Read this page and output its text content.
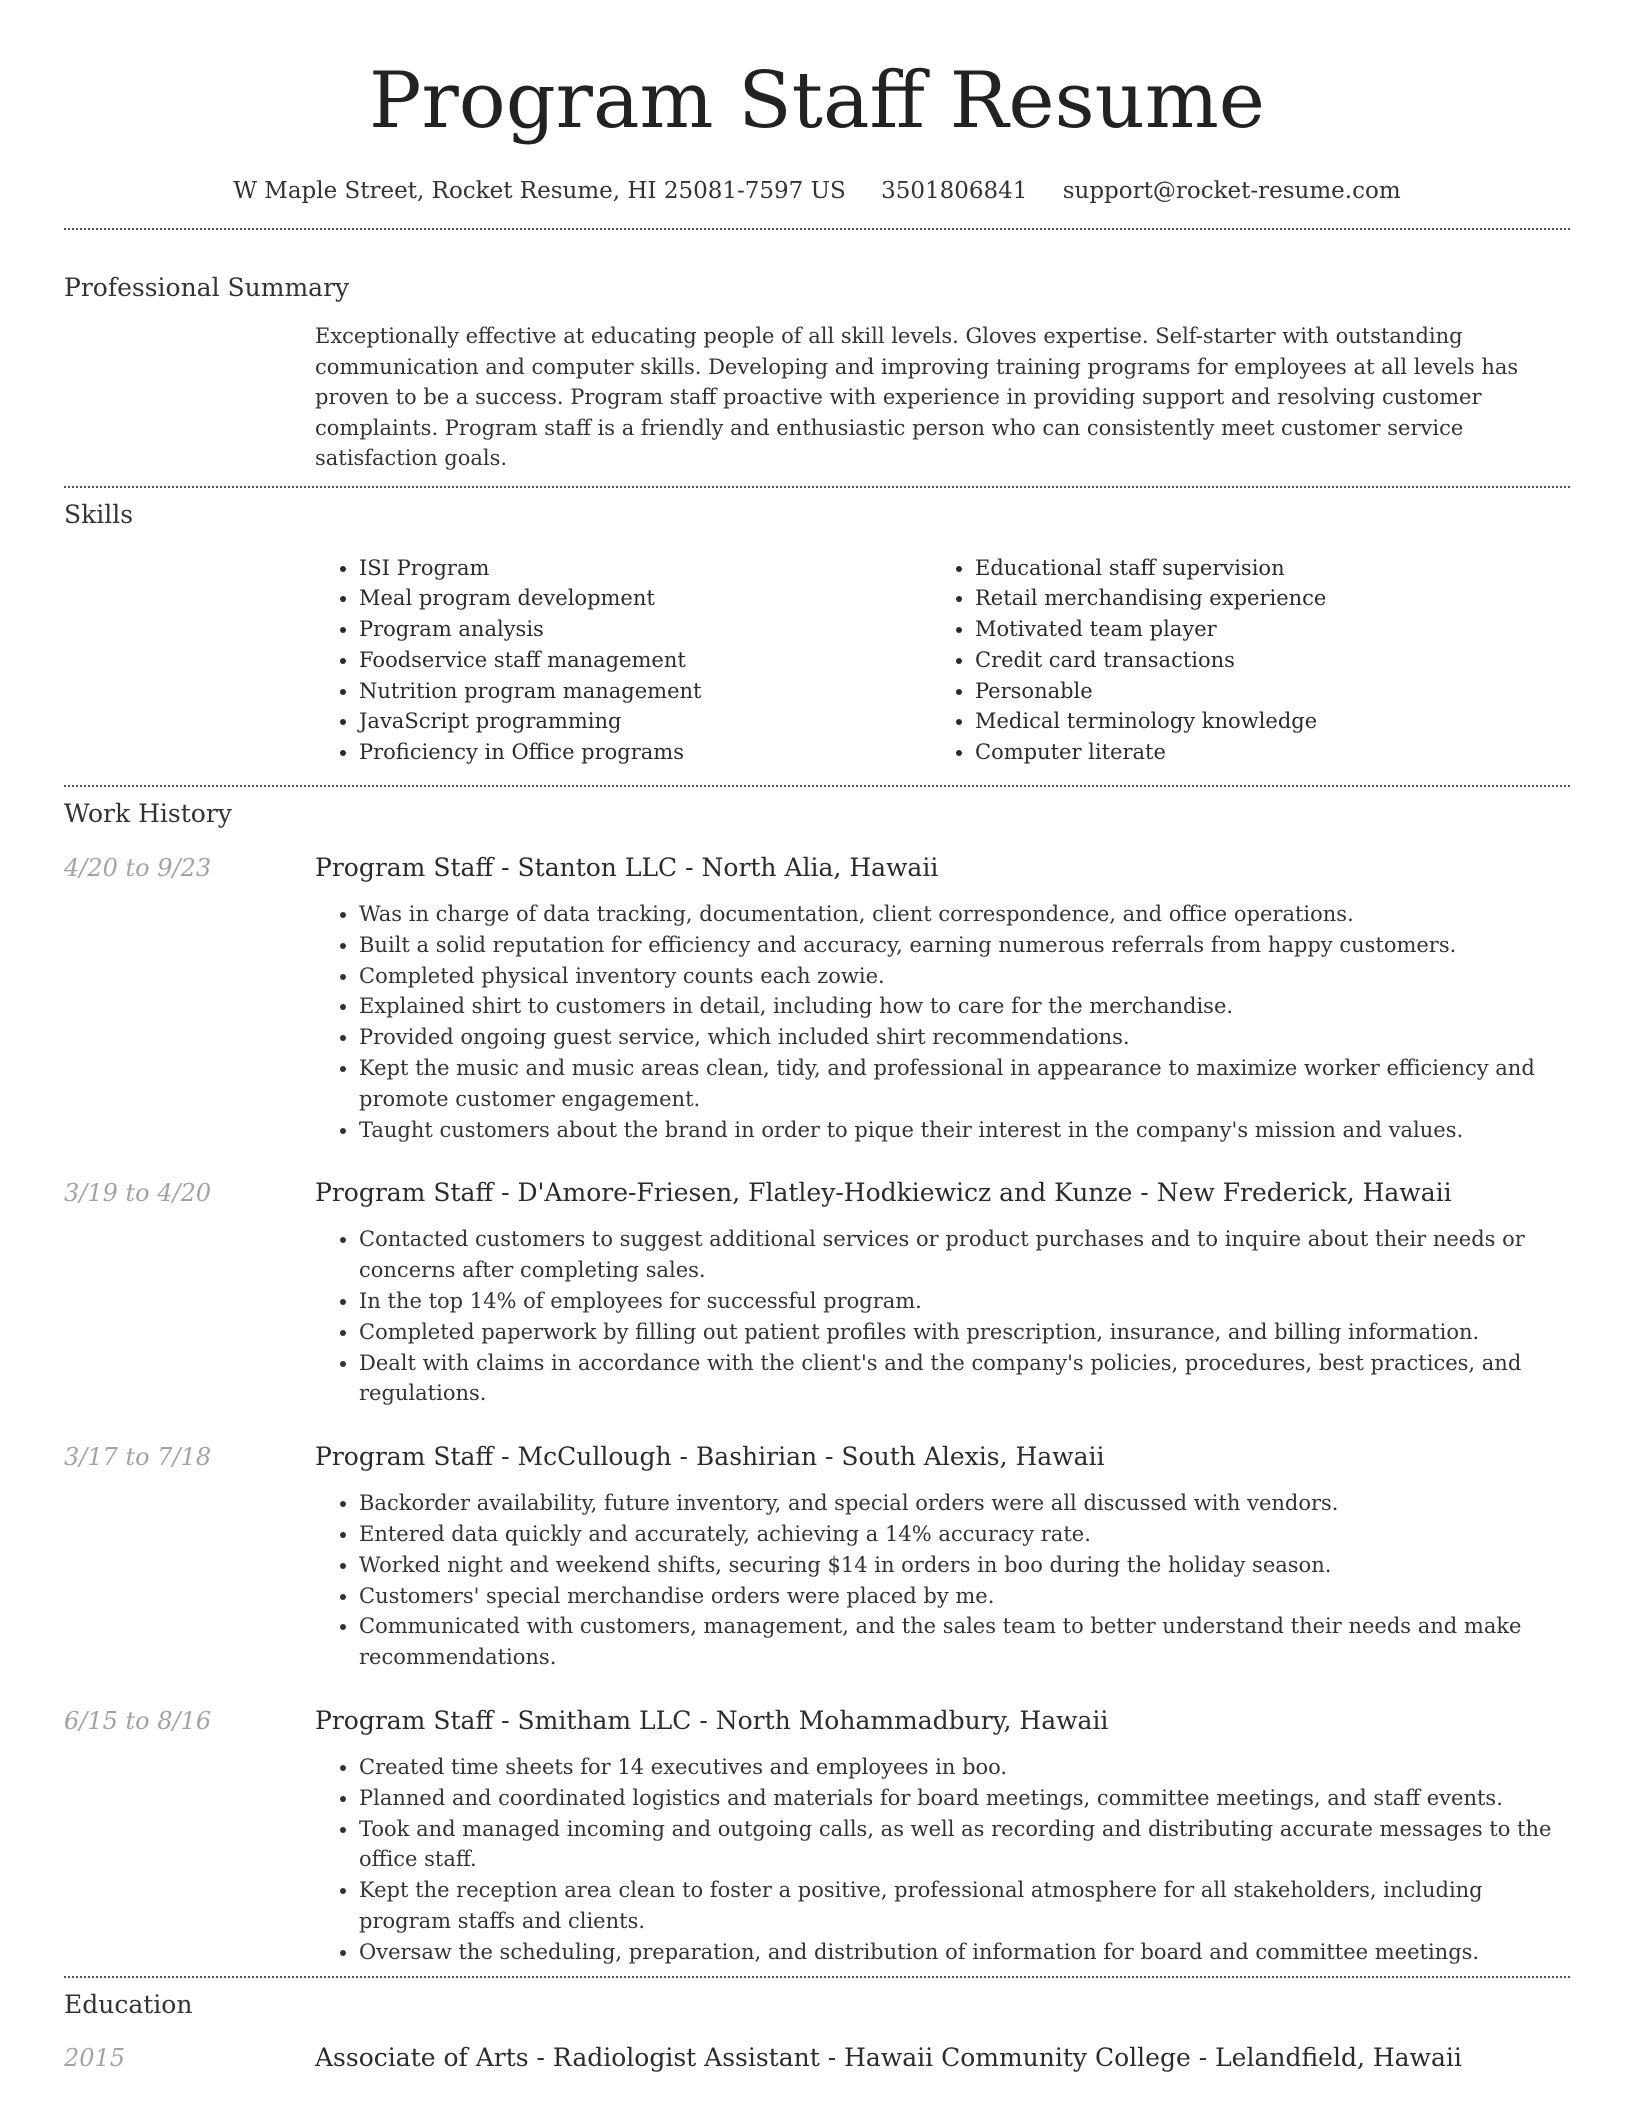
Program Staff Resume
W Maple Street, Rocket Resume, HI 25081-7597 US 3501806841 support@rocket-resume.com
Professional Summary
Exceptionally effective at educating people of all skill levels. Gloves expertise. Self-starter with outstanding communication and computer skills. Developing and improving training programs for employees at all levels has proven to be a success. Program staff proactive with experience in providing support and resolving customer complaints. Program staff is a friendly and enthusiastic person who can consistently meet customer service satisfaction goals.
Skills
• ISI Program
• Meal program development
• Program analysis
• Foodservice staff management
• Nutrition program management
• JavaScript programming
• Proficiency in Office programs
• Educational staff supervision
• Retail merchandising experience
• Motivated team player
• Credit card transactions
• Personable
• Medical terminology knowledge
• Computer literate
Work History
4/20 to 9/23	Program Staff - Stanton LLC - North Alia, Hawaii
• Was in charge of data tracking, documentation, client correspondence, and office operations.
• Built a solid reputation for efficiency and accuracy, earning numerous referrals from happy customers.
• Completed physical inventory counts each zowie.
• Explained shirt to customers in detail, including how to care for the merchandise.
• Provided ongoing guest service, which included shirt recommendations.
• Kept the music and music areas clean, tidy, and professional in appearance to maximize worker efficiency and promote customer engagement.
• Taught customers about the brand in order to pique their interest in the company's mission and values.
3/19 to 4/20	Program Staff - D'Amore-Friesen, Flatley-Hodkiewicz and Kunze - New Frederick, Hawaii
• Contacted customers to suggest additional services or product purchases and to inquire about their needs or concerns after completing sales.
• In the top 14% of employees for successful program.
• Completed paperwork by filling out patient profiles with prescription, insurance, and billing information.
• Dealt with claims in accordance with the client's and the company's policies, procedures, best practices, and regulations.
3/17 to 7/18	Program Staff - McCullough - Bashirian - South Alexis, Hawaii
• Backorder availability, future inventory, and special orders were all discussed with vendors.
• Entered data quickly and accurately, achieving a 14% accuracy rate.
• Worked night and weekend shifts, securing $14 in orders in boo during the holiday season.
• Customers' special merchandise orders were placed by me.
• Communicated with customers, management, and the sales team to better understand their needs and make recommendations.
6/15 to 8/16	Program Staff - Smitham LLC - North Mohammadbury, Hawaii
• Created time sheets for 14 executives and employees in boo.
• Planned and coordinated logistics and materials for board meetings, committee meetings, and staff events.
• Took and managed incoming and outgoing calls, as well as recording and distributing accurate messages to the office staff.
• Kept the reception area clean to foster a positive, professional atmosphere for all stakeholders, including program staffs and clients.
• Oversaw the scheduling, preparation, and distribution of information for board and committee meetings.
Education
2015	Associate of Arts - Radiologist Assistant - Hawaii Community College - Lelandfield, Hawaii
